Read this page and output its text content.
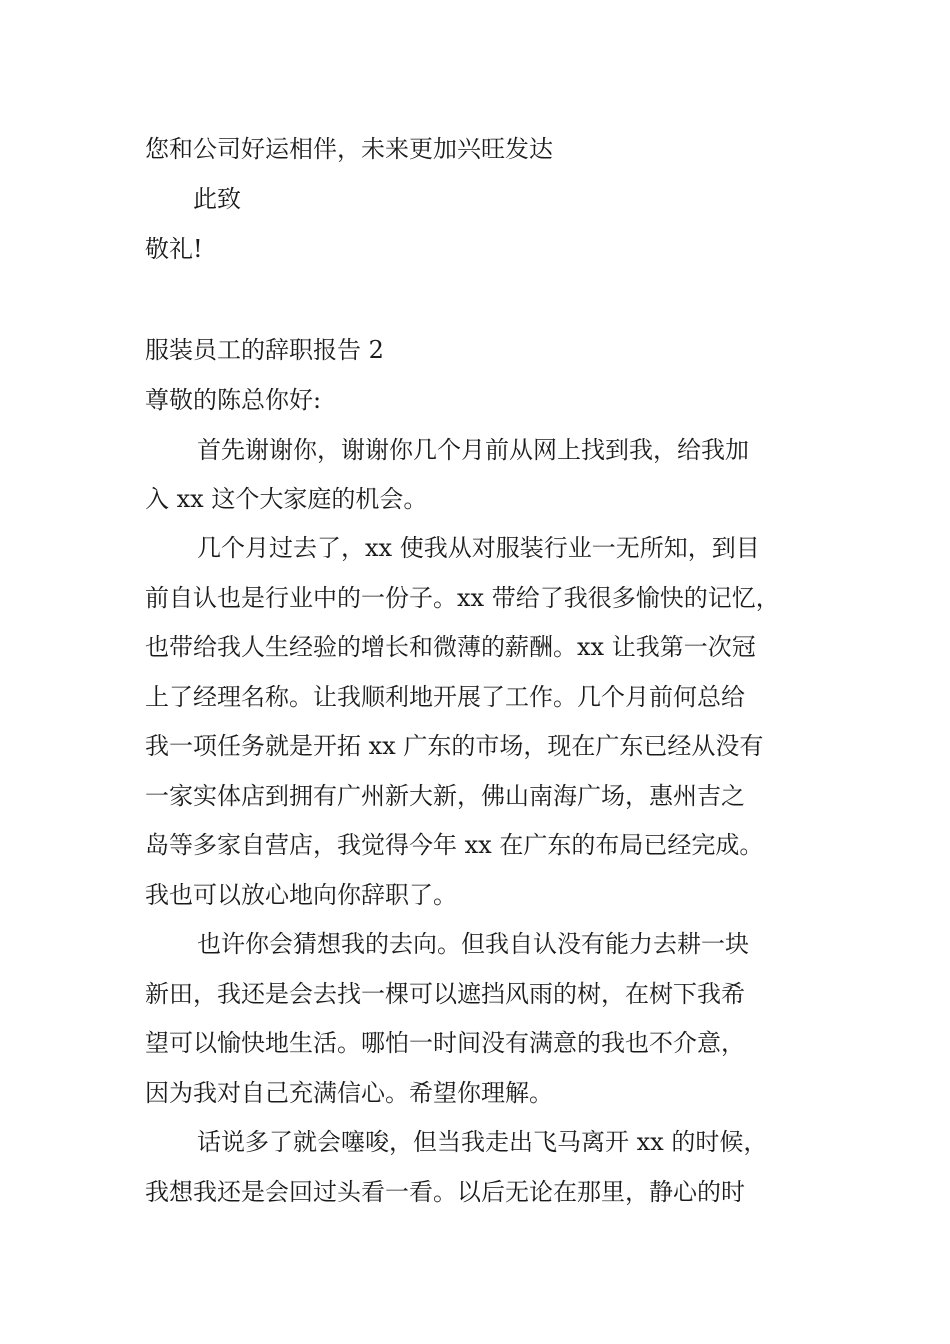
您和公司好运相伴，未来更加兴旺发达
此致
敬礼!
服装员工的辞职报告 2
尊敬的陈总你好:
首先谢谢你，谢谢你几个月前从网上找到我，给我加
入 xx 这个大家庭的机会。
几个月过去了，xx 使我从对服装行业一无所知，到目
前自认也是行业中的一份子。xx 带给了我很多愉快的记忆，
也带给我人生经验的增长和微薄的薪酬。xx 让我第一次冠
上了经理名称。让我顺利地开展了工作。几个月前何总给
我一项任务就是开拓 xx 广东的市场，现在广东已经从没有
一家实体店到拥有广州新大新，佛山南海广场，惠州吉之
岛等多家自营店，我觉得今年 xx 在广东的布局已经完成。
我也可以放心地向你辞职了。
也许你会猜想我的去向。但我自认没有能力去耕一块
新田，我还是会去找一棵可以遮挡风雨的树，在树下我希
望可以愉快地生活。哪怕一时间没有满意的我也不介意，
因为我对自己充满信心。希望你理解。
话说多了就会噻唆，但当我走出飞马离开 xx 的时候，
我想我还是会回过头看一看。以后无论在那里，静心的时
